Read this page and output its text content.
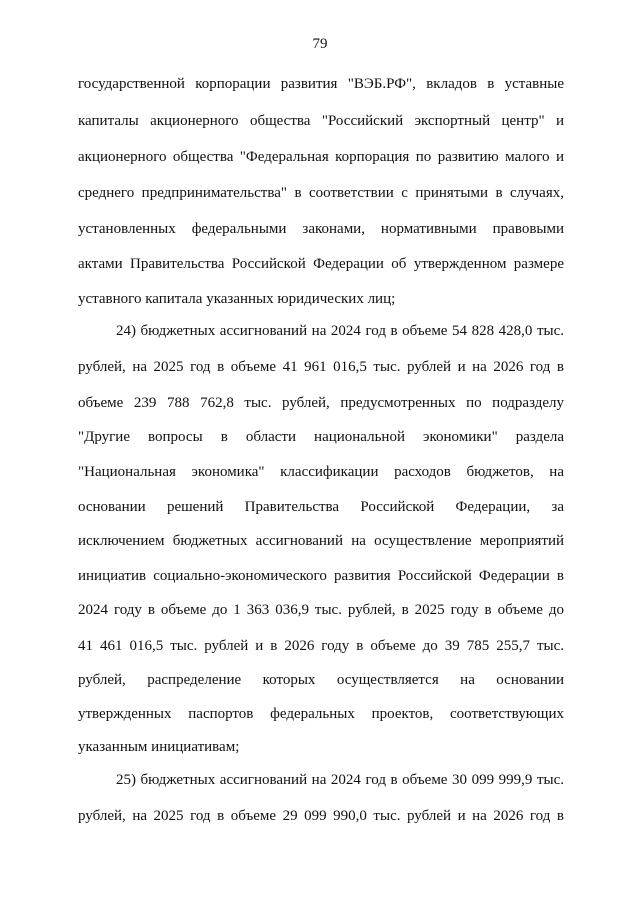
79
государственной корпорации развития "ВЭБ.РФ", вкладов в уставные
капиталы акционерного общества "Российский экспортный центр" и
акционерного общества "Федеральная корпорация по развитию малого и
среднего предпринимательства" в соответствии с принятыми в случаях,
установленных федеральными законами, нормативными правовыми
актами Правительства Российской Федерации об утвержденном размере
уставного капитала указанных юридических лиц;
24) бюджетных ассигнований на 2024 год в объеме 54 828 428,0 тыс.
рублей, на 2025 год в объеме 41 961 016,5 тыс. рублей и на 2026 год в
объеме 239 788 762,8 тыс. рублей, предусмотренных по подразделу
"Другие вопросы в области национальной экономики" раздела
"Национальная экономика" классификации расходов бюджетов, на
основании решений Правительства Российской Федерации, за
исключением бюджетных ассигнований на осуществление мероприятий
инициатив социально-экономического развития Российской Федерации в
2024 году в объеме до 1 363 036,9 тыс. рублей, в 2025 году в объеме до
41 461 016,5 тыс. рублей и в 2026 году в объеме до 39 785 255,7 тыс.
рублей, распределение которых осуществляется на основании
утвержденных паспортов федеральных проектов, соответствующих
указанным инициативам;
25) бюджетных ассигнований на 2024 год в объеме 30 099 999,9 тыс.
рублей, на 2025 год в объеме 29 099 990,0 тыс. рублей и на 2026 год в
